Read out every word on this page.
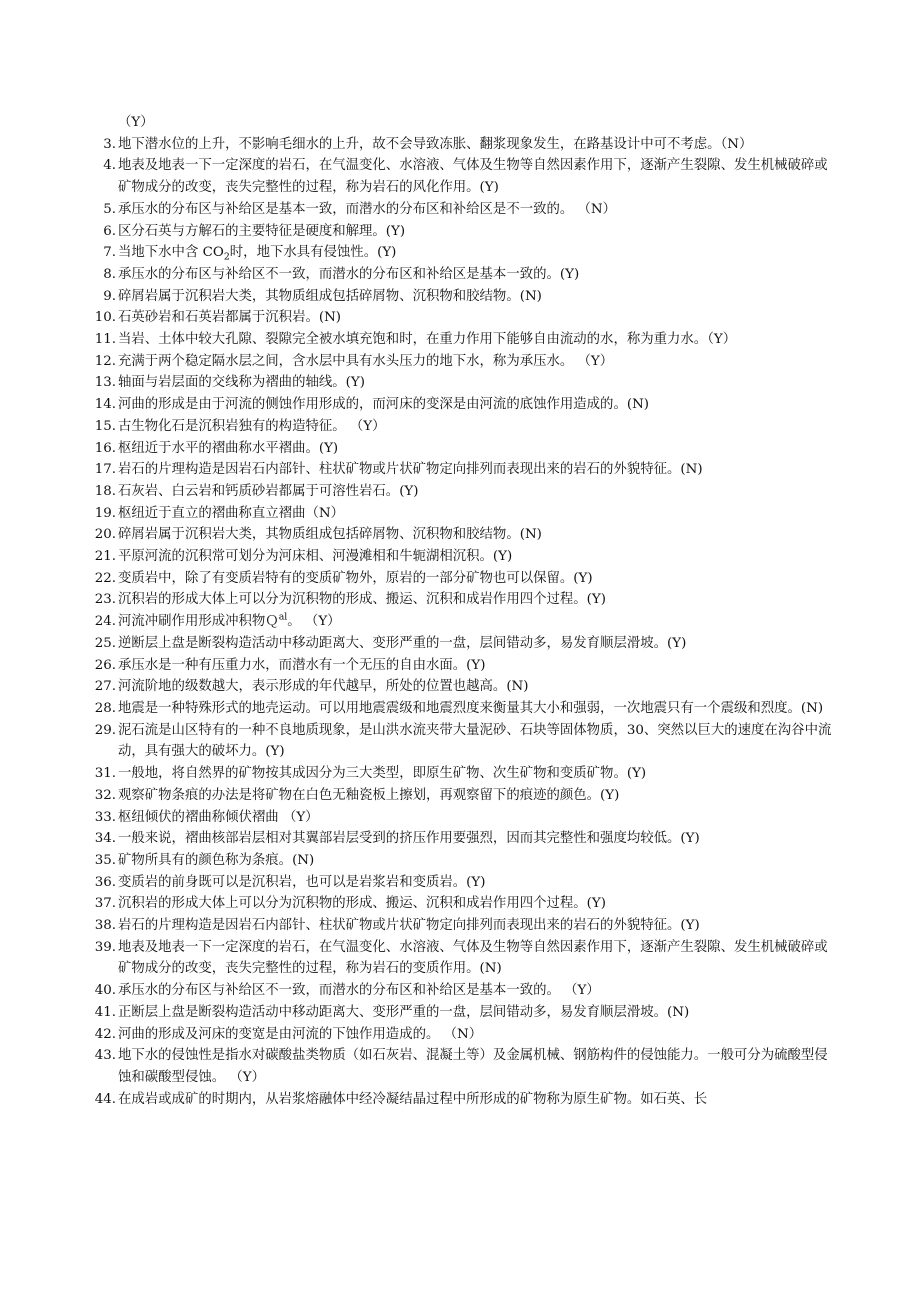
（Y）
3. 地下潜水位的上升，不影响毛细水的上升，故不会导致冻胀、翻浆现象发生，在路基设计中可不考虑。（N）
4. 地表及地表一下一定深度的岩石，在气温变化、水溶液、气体及生物等自然因素作用下，逐渐产生裂隙、发生机械破碎或矿物成分的改变，丧失完整性的过程，称为岩石的风化作用。(Y)
5. 承压水的分布区与补给区是基本一致，而潜水的分布区和补给区是不一致的。 （N）
6. 区分石英与方解石的主要特征是硬度和解理。(Y)
7. 当地下水中含 $CO_2$时，地下水具有侵蚀性。(Y)
8. 承压水的分布区与补给区不一致，而潜水的分布区和补给区是基本一致的。(Y)
9. 碎屑岩属于沉积岩大类，其物质组成包括碎屑物、沉积物和胶结物。(N)
10. 石英砂岩和石英岩都属于沉积岩。(N)
11. 当岩、土体中较大孔隙、裂隙完全被水填充饱和时，在重力作用下能够自由流动的水，称为重力水。（Y）
12. 充满于两个稳定隔水层之间，含水层中具有水头压力的地下水，称为承压水。 （Y）
13. 轴面与岩层面的交线称为褶曲的轴线。(Y)
14. 河曲的形成是由于河流的侧蚀作用形成的，而河床的变深是由河流的底蚀作用造成的。(N)
15. 古生物化石是沉积岩独有的构造特征。 （Y）
16. 枢纽近于水平的褶曲称水平褶曲。(Y)
17. 岩石的片理构造是因岩石内部针、柱状矿物或片状矿物定向排列而表现出来的岩石的外貌特征。(N)
18. 石灰岩、白云岩和钙质砂岩都属于可溶性岩石。(Y)
19. 枢纽近于直立的褶曲称直立褶曲（N）
20. 碎屑岩属于沉积岩大类，其物质组成包括碎屑物、沉积物和胶结物。(N)
21. 平原河流的沉积常可划分为河床相、河漫滩相和牛轭湖相沉积。(Y)
22. 变质岩中，除了有变质岩特有的变质矿物外，原岩的一部分矿物也可以保留。(Y)
23. 沉积岩的形成大体上可以分为沉积物的形成、搬运、沉积和成岩作用四个过程。(Y)
24. 河流冲刷作用形成冲积物Ｑ$^{al}$。 （Y）
25. 逆断层上盘是断裂构造活动中移动距离大、变形严重的一盘，层间错动多，易发育顺层滑坡。(Y)
26. 承压水是一种有压重力水，而潜水有一个无压的自由水面。(Y)
27. 河流阶地的级数越大，表示形成的年代越早，所处的位置也越高。(N)
28. 地震是一种特殊形式的地壳运动。可以用地震震级和地震烈度来衡量其大小和强弱，一次地震只有一个震级和烈度。(N)
29. 泥石流是山区特有的一种不良地质现象，是山洪水流夹带大量泥砂、石块等固体物质，30、突然以巨大的速度在沟谷中流动，具有强大的破坏力。(Y)
31. 一般地，将自然界的矿物按其成因分为三大类型，即原生矿物、次生矿物和变质矿物。(Y)
32. 观察矿物条痕的办法是将矿物在白色无釉瓷板上擦划，再观察留下的痕迹的颜色。(Y)
33. 枢纽倾伏的褶曲称倾伏褶曲 （Y）
34. 一般来说，褶曲核部岩层相对其翼部岩层受到的挤压作用要强烈，因而其完整性和强度均较低。(Y)
35. 矿物所具有的颜色称为条痕。(N)
36. 变质岩的前身既可以是沉积岩，也可以是岩浆岩和变质岩。(Y)
37. 沉积岩的形成大体上可以分为沉积物的形成、搬运、沉积和成岩作用四个过程。(Y)
38. 岩石的片理构造是因岩石内部针、柱状矿物或片状矿物定向排列而表现出来的岩石的外貌特征。(Y)
39. 地表及地表一下一定深度的岩石，在气温变化、水溶液、气体及生物等自然因素作用下，逐渐产生裂隙、发生机械破碎或矿物成分的改变，丧失完整性的过程，称为岩石的变质作用。(N)
40. 承压水的分布区与补给区不一致，而潜水的分布区和补给区是基本一致的。 （Y）
41. 正断层上盘是断裂构造活动中移动距离大、变形严重的一盘，层间错动多，易发育顺层滑坡。(N)
42. 河曲的形成及河床的变宽是由河流的下蚀作用造成的。 （N）
43. 地下水的侵蚀性是指水对碳酸盐类物质（如石灰岩、混凝土等）及金属机械、钢筋构件的侵蚀能力。一般可分为硫酸型侵蚀和碳酸型侵蚀。 （Y）
44. 在成岩或成矿的时期内，从岩浆熔融体中经冷凝结晶过程中所形成的矿物称为原生矿物。如石英、长
